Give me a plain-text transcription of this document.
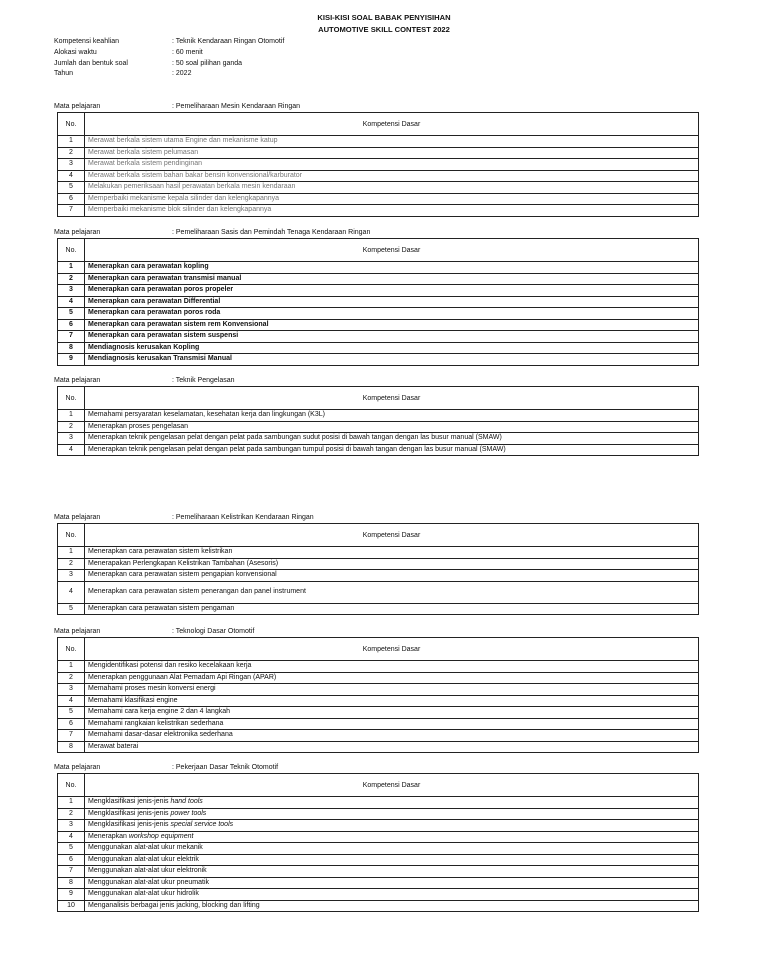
KISI-KISI SOAL BABAK PENYISIHAN
AUTOMOTIVE SKILL CONTEST 2022
Kompetensi keahlian	: Teknik Kendaraan Ringan Otomotif
Alokasi waktu	: 60 menit
Jumlah dan bentuk soal	: 50 soal pilihan ganda
Tahun	: 2022
Mata pelajaran	: Pemeliharaan Mesin Kendaraan Ringan
No.	Kompetensi Dasar
1	Merawat berkala sistem utama Engine dan mekanisme katup
2	Merawat berkala sistem pelumasan
3	Merawat berkala sistem pendinginan
4	Merawat berkala sistem bahan bakar bensin konvensional/karburator
5	Melakukan pemeriksaan hasil perawatan berkala mesin kendaraan
6	Memperbaiki mekanisme kepala silinder dan kelengkapannya
7	Memperbaiki mekanisme blok silinder dan kelengkapannya
Mata pelajaran	: Pemeliharaan Sasis dan Pemindah Tenaga Kendaraan Ringan
No.	Kompetensi Dasar
1	Menerapkan cara perawatan kopling
2	Menerapkan cara perawatan transmisi manual
3	Menerapkan cara perawatan poros propeler
4	Menerapkan cara perawatan Differential
5	Menerapkan cara perawatan poros roda
6	Menerapkan cara perawatan sistem rem Konvensional
7	Menerapkan cara perawatan sistem suspensi
8	Mendiagnosis kerusakan Kopling
9	Mendiagnosis kerusakan Transmisi Manual
Mata pelajaran	: Teknik Pengelasan
No.	Kompetensi Dasar
1	Memahami persyaratan keselamatan, kesehatan kerja dan lingkungan (K3L)
2	Menerapkan proses pengelasan
3	Menerapkan teknik pengelasan pelat dengan pelat pada sambungan sudut posisi di bawah tangan dengan las busur manual (SMAW)
4	Menerapkan teknik pengelasan pelat dengan pelat pada sambungan tumpul posisi di bawah tangan dengan las busur manual (SMAW)
Mata pelajaran	: Pemeliharaan Kelistrikan Kendaraan Ringan
No.	Kompetensi Dasar
1	Menerapkan cara perawatan sistem kelistrikan
2	Menerapakan Perlengkapan Kelistrikan Tambahan (Asesoris)
3	Menerapkan cara perawatan sistem pengapian konvensional
4	Menerapkan cara perawatan sistem penerangan dan panel instrument
5	Menerapkan cara perawatan sistem pengaman
Mata pelajaran	: Teknologi Dasar Otomotif
No.	Kompetensi Dasar
1	Mengidentifikasi potensi dan resiko kecelakaan kerja
2	Menerapkan penggunaan Alat Pemadam Api Ringan (APAR)
3	Memahami proses mesin konversi energi
4	Memahami klasifikasi engine
5	Memahami cara kerja engine 2 dan 4 langkah
6	Memahami rangkaian kelistrikan sederhana
7	Memahami dasar-dasar elektronika sederhana
8	Merawat baterai
Mata pelajaran	: Pekerjaan Dasar Teknik Otomotif
No.	Kompetensi Dasar
1	Mengklasifikasi jenis-jenis hand tools
2	Mengklasifikasi jenis-jenis power tools
3	Mengklasifikasi jenis-jenis special service tools
4	Menerapkan workshop equipment
5	Menggunakan alat-alat ukur mekanik
6	Menggunakan alat-alat ukur elektrik
7	Menggunakan alat-alat ukur elektronik
8	Menggunakan alat-alat ukur pneumatik
9	Menggunakan alat-alat ukur hidrolik
10	Menganalisis berbagai jenis jacking, blocking dan lifting
